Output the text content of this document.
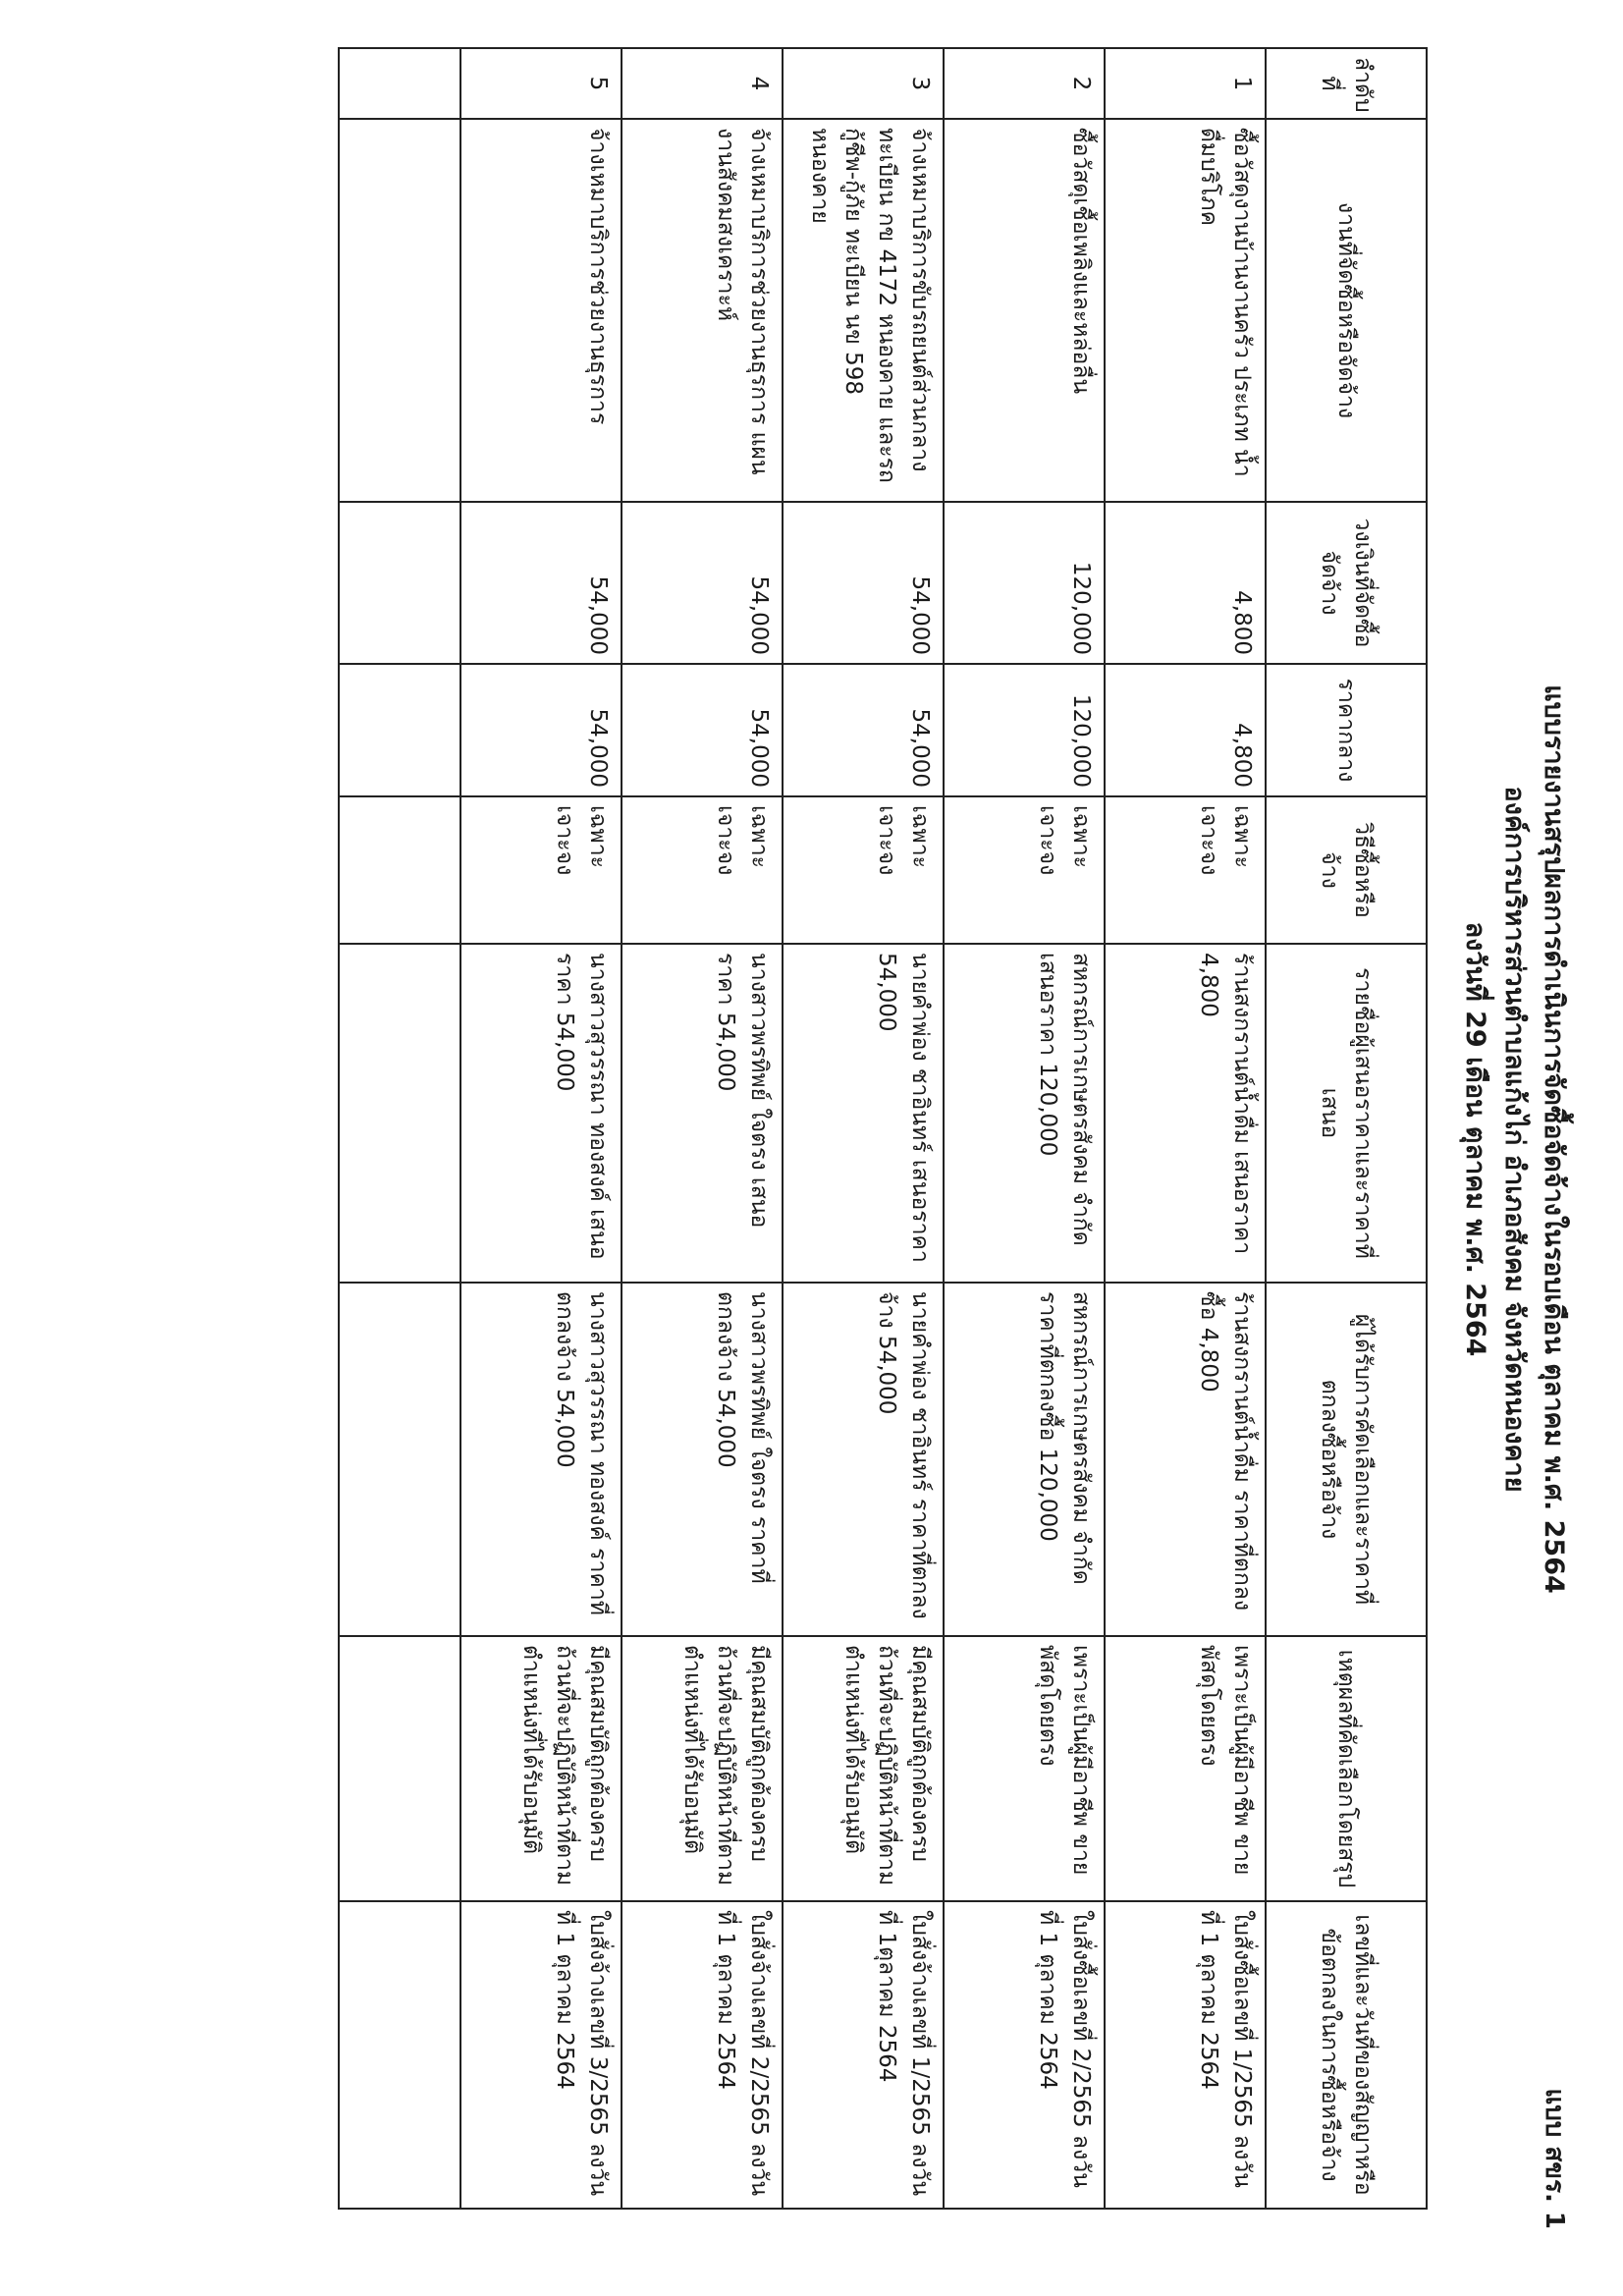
แบบ สขร. 1
แบบรายงานสรุปผลการดำเนินการจัดซื้อจัดจ้างในรอบเดือน ตุลาคม พ.ศ. 2564
องค์การบริหารส่วนตำบลแก้งไก่ อำเภอสังคม จังหวัดหนองคาย
ลงวันที่ 29 เดือน ตุลาคม พ.ศ. 2564
ลำดับที่	งานที่จัดซื้อหรือจัดจ้าง	วงเงินที่จัดซื้อจัดจ้าง	ราคากลาง	วิธีซื้อหรือจ้าง	รายชื่อผู้เสนอราคาและราคาที่เสนอ	ผู้ได้รับการคัดเลือกและราคาที่ตกลงซื้อหรือจ้าง	เหตุผลที่คัดเลือกโดยสรุป	เลขที่และวันที่ของสัญญาหรือข้อตกลงในการซื้อหรือจ้าง
1	ซื้อวัสดุงานบ้านงานครัว ประเภท น้ำดื่มบริโภค	4,800	4,800	เฉพาะเจาะจง	ร้านสงกรานต์น้ำดื่ม เสนอราคา 4,800	ร้านสงกรานต์น้ำดื่ม ราคาที่ตกลงซื้อ 4,800	เพราะเป็นผู้มีอาชีพ ขายพัสดุโดยตรง	ใบสั่งซื้อเลขที่ 1/2565 ลงวันที่ 1 ตุลาคม 2564
2	ซื้อวัสดุเชื้อเพลิงและหล่อลื่น	120,000	120,000	เฉพาะเจาะจง	สหกรณ์การเกษตรสังคม จำกัด เสนอราคา 120,000	สหกรณ์การเกษตรสังคม จำกัด ราคาที่ตกลงซื้อ 120,000	เพราะเป็นผู้มีอาชีพ ขายพัสดุโดยตรง	ใบสั่งซื้อเลขที่ 2/2565 ลงวันที่ 1 ตุลาคม 2564
3	จ้างเหมาบริการขับรถยนต์ส่วนกลาง ทะเบียน กข 4172 หนองคาย และรถกู้ชีพ-กู้ภัย ทะเบียน นข 598 หนองคาย	54,000	54,000	เฉพาะเจาะจง	นายคำพ่อง ชาอินทร์ เสนอราคา 54,000	นายคำพ่อง ชาอินทร์ ราคาที่ตกลงจ้าง 54,000	มีคุณสมบัติถูกต้องครบถ้วนที่จะปฏิบัติหน้าที่ตามตำแหน่งที่ได้รับอนุมัติ	ใบสั่งจ้างเลขที่ 1/2565 ลงวันที่ 1ตุลาคม 2564
4	จ้างเหมาบริการช่วยงานธุรการ แผนงานสังคมสงเคราะห์	54,000	54,000	เฉพาะเจาะจง	นางสาวพรทิพย์ ใจตรง เสนอราคา 54,000	นางสาวพรทิพย์ ใจตรง ราคาที่ตกลงจ้าง 54,000	มีคุณสมบัติถูกต้องครบถ้วนที่จะปฏิบัติหน้าที่ตามตำแหน่งที่ได้รับอนุมัติ	ใบสั่งจ้างเลขที่ 2/2565 ลงวันที่ 1 ตุลาคม 2564
5	จ้างเหมาบริการช่วยงานธุรการ	54,000	54,000	เฉพาะเจาะจง	นางสาวสุวรรณา ทองสงค์ เสนอราคา 54,000	นางสาวสุวรรณา ทองสงค์ ราคาที่ตกลงจ้าง 54,000	มีคุณสมบัติถูกต้องครบถ้วนที่จะปฏิบัติหน้าที่ตามตำแหน่งที่ได้รับอนุมัติ	ใบสั่งจ้างเลขที่ 3/2565 ลงวันที่ 1 ตุลาคม 2564
